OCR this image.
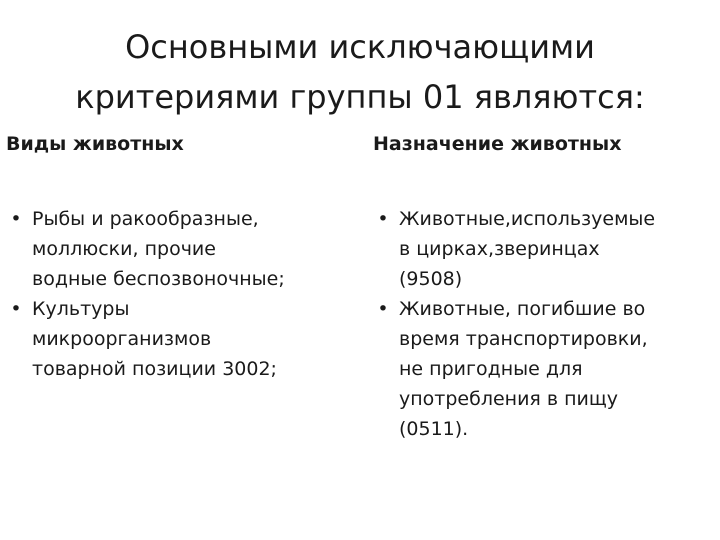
Основными исключающими
критериями группы 01 являются:
Виды животных
• Рыбы и ракообразные,
моллюски, прочие
водные беспозвоночные;
• Культуры
микроорганизмов
товарной позиции 3002;
Назначение животных
• Животные,используемые
в цирках,зверинцах
(9508)
• Животные, погибшие во
время транспортировки,
не пригодные для
употребления в пищу
(0511).
